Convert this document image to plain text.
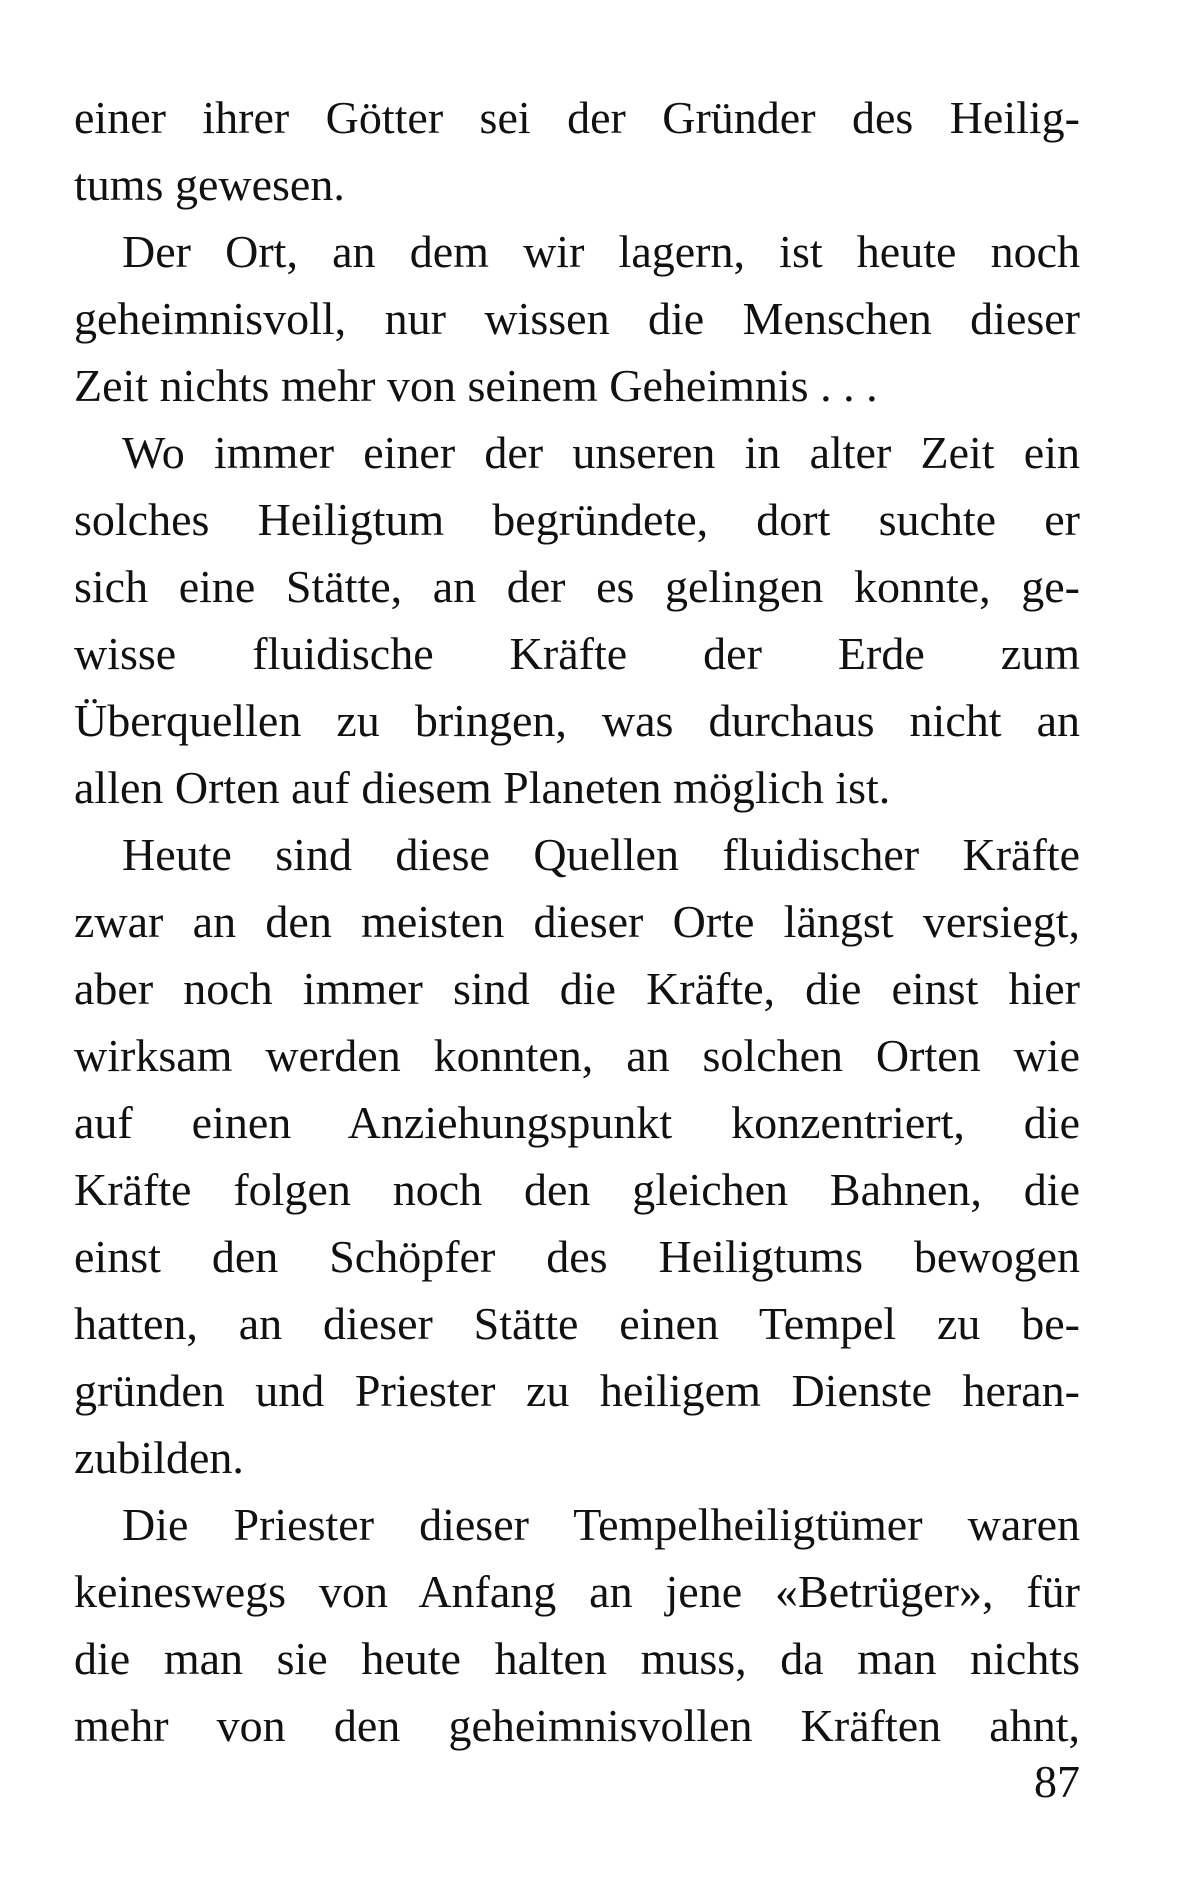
einer ihrer Götter sei der Gründer des Heilig-
tums gewesen.
Der Ort, an dem wir lagern, ist heute noch
geheimnisvoll, nur wissen die Menschen dieser
Zeit nichts mehr von seinem Geheimnis . . .
Wo immer einer der unseren in alter Zeit ein
solches Heiligtum begründete, dort suchte er
sich eine Stätte, an der es gelingen konnte, ge-
wisse fluidische Kräfte der Erde zum
Überquellen zu bringen, was durchaus nicht an
allen Orten auf diesem Planeten möglich ist.
Heute sind diese Quellen fluidischer Kräfte
zwar an den meisten dieser Orte längst versiegt,
aber noch immer sind die Kräfte, die einst hier
wirksam werden konnten, an solchen Orten wie
auf einen Anziehungspunkt konzentriert, die
Kräfte folgen noch den gleichen Bahnen, die
einst den Schöpfer des Heiligtums bewogen
hatten, an dieser Stätte einen Tempel zu be-
gründen und Priester zu heiligem Dienste heran-
zubilden.
Die Priester dieser Tempelheiligtümer waren
keineswegs von Anfang an jene «Betrüger», für
die man sie heute halten muss, da man nichts
mehr von den geheimnisvollen Kräften ahnt,
87
